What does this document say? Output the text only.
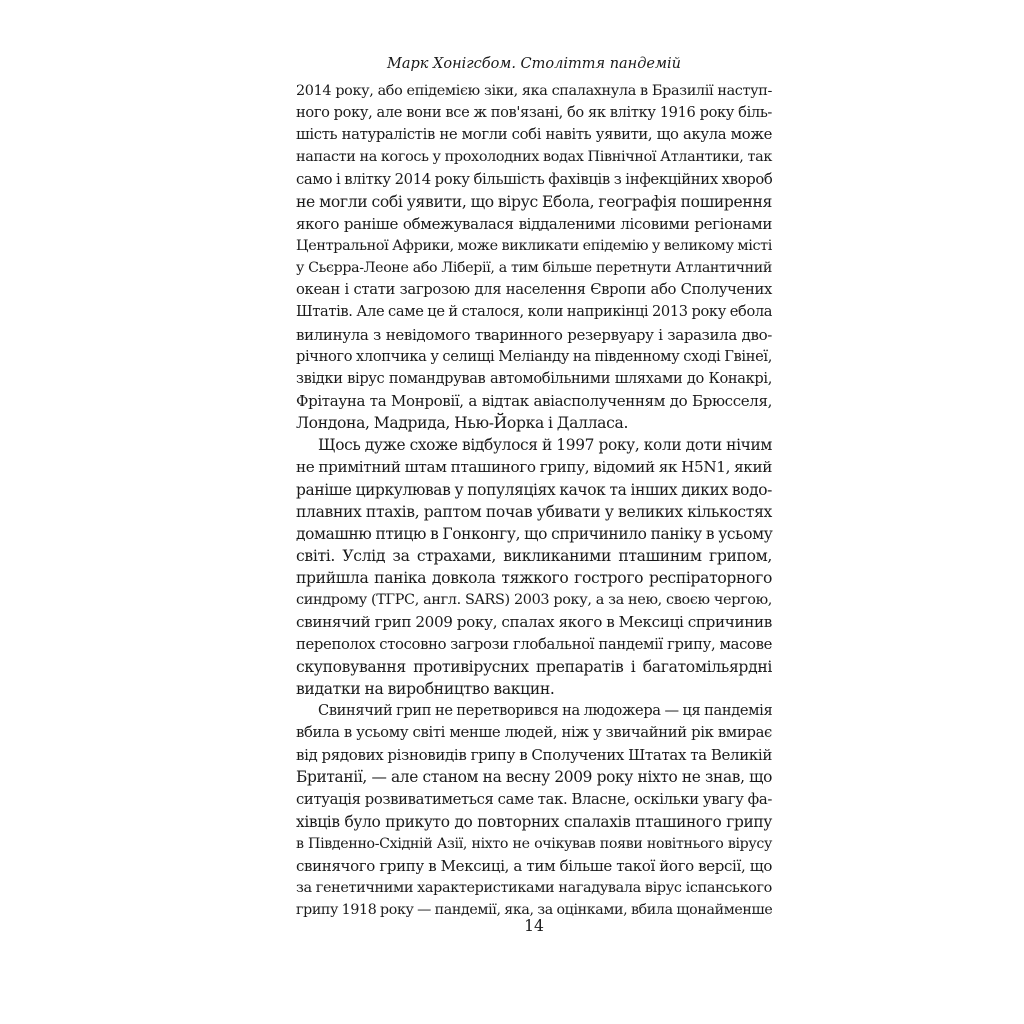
Марк Хонігсбом. Століття пандемій
2014 року, або епідемією зіки, яка спалахнула в Бразилії наступ-
ного року, але вони все ж пов'язані, бо як влітку 1916 року біль-
шість натуралістів не могли собі навіть уявити, що акула може
напасти на когось у прохолодних водах Північної Атлантики, так
само і влітку 2014 року більшість фахівців з інфекційних хвороб
не могли собі уявити, що вірус Ебола, географія поширення
якого раніше обмежувалася віддаленими лісовими регіонами
Центральної Африки, може викликати епідемію у великому місті
у Сьєрра-Леоне або Ліберії, а тим більше перетнути Атлантичний
океан і стати загрозою для населення Європи або Сполучених
Штатів. Але саме це й сталося, коли наприкінці 2013 року ебола
вилинула з невідомого тваринного резервуару і заразила дво-
річного хлопчика у селищі Меліанду на південному сході Гвінеї,
звідки вірус помандрував автомобільними шляхами до Конакрі,
Фрітауна та Монровії, а відтак авіасполученням до Брюсселя,
Лондона, Мадрида, Нью-Йорка і Далласа.
Щось дуже схоже відбулося й 1997 року, коли доти нічим
не примітний штам пташиного грипу, відомий як H5N1, який
раніше циркулював у популяціях качок та інших диких водо-
плавних птахів, раптом почав убивати у великих кількостях
домашню птицю в Гонконгу, що спричинило паніку в усьому
світі. Услід за страхами, викликаними пташиним грипом,
прийшла паніка довкола тяжкого гострого респіраторного
синдрому (ТГРС, англ. SARS) 2003 року, а за нею, своєю чергою,
свинячий грип 2009 року, спалах якого в Мексиці спричинив
переполох стосовно загрози глобальної пандемії грипу, масове
скуповування противірусних препаратів і багатомільярдні
видатки на виробництво вакцин.
Свинячий грип не перетворився на людожера — ця пандемія
вбила в усьому світі менше людей, ніж у звичайний рік вмирає
від рядових різновидів грипу в Сполучених Штатах та Великій
Британії, — але станом на весну 2009 року ніхто не знав, що
ситуація розвиватиметься саме так. Власне, оскільки увагу фа-
хівців було прикуто до повторних спалахів пташиного грипу
в Південно-Східній Азії, ніхто не очікував появи новітнього вірусу
свинячого грипу в Мексиці, а тим більше такої його версії, що
за генетичними характеристиками нагадувала вірус іспанського
грипу 1918 року — пандемії, яка, за оцінками, вбила щонайменше
14
